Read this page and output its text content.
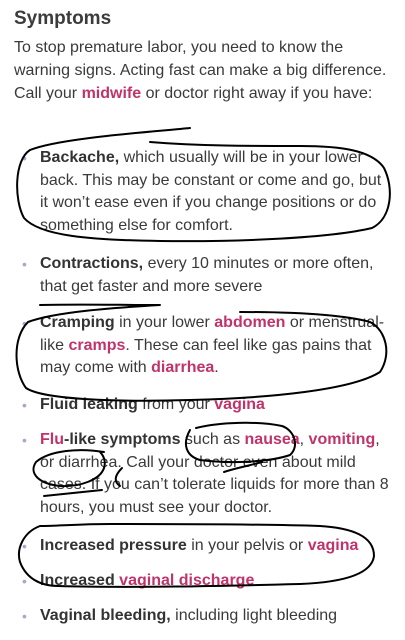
Symptoms

To stop premature labor, you need to know the warning signs. Acting fast can make a big difference. Call your midwife or doctor right away if you have:

• Backache, which usually will be in your lower back. This may be constant or come and go, but it won’t ease even if you change positions or do something else for comfort.
• Contractions, every 10 minutes or more often, that get faster and more severe
• Cramping in your lower abdomen or menstrual-like cramps. These can feel like gas pains that may come with diarrhea.
• Fluid leaking from your vagina
• Flu-like symptoms such as nausea, vomiting, or diarrhea. Call your doctor even about mild cases. If you can’t tolerate liquids for more than 8 hours, you must see your doctor.
• Increased pressure in your pelvis or vagina
• Increased vaginal discharge
• Vaginal bleeding, including light bleeding
